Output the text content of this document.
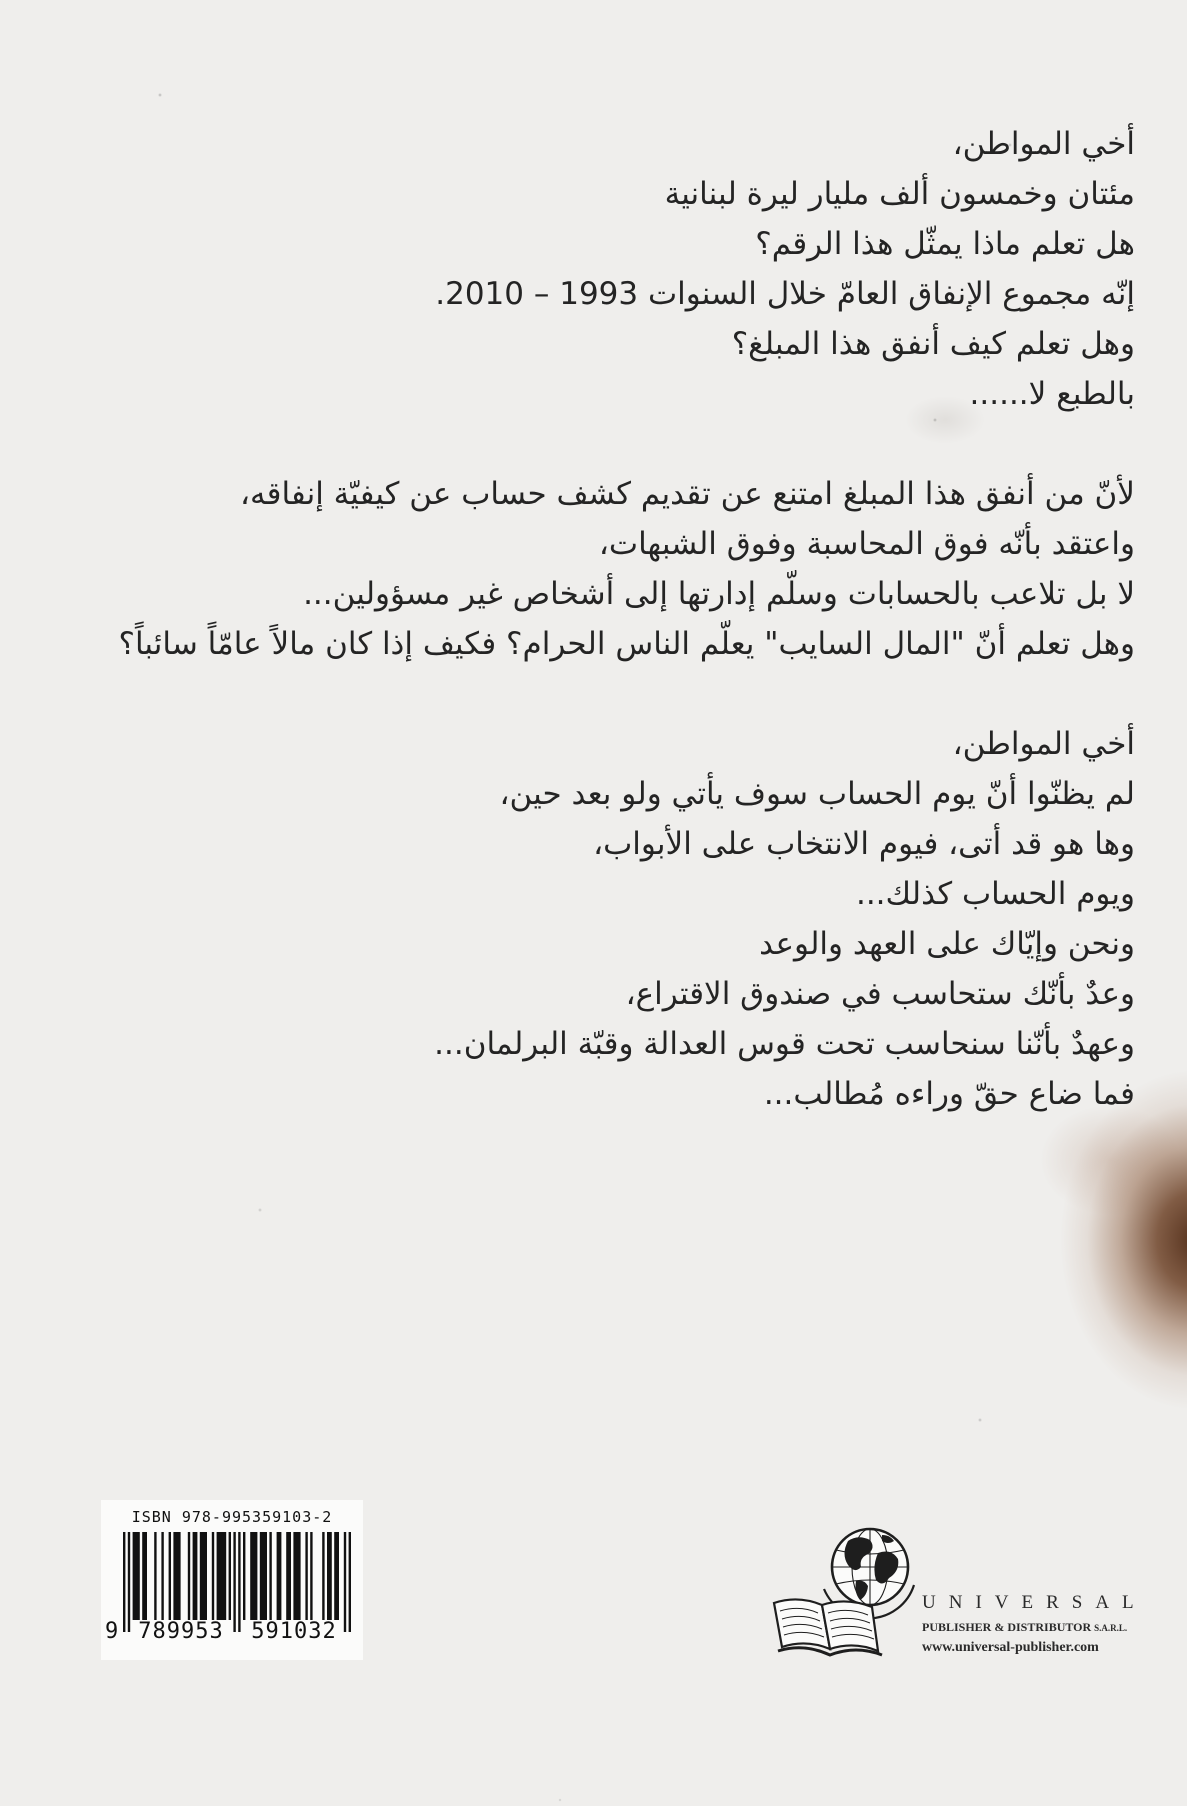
أخي المواطن،
مئتان وخمسون ألف مليار ليرة لبنانية
هل تعلم ماذا يمثّل هذا الرقم؟
إنّه مجموع الإنفاق العامّ خلال السنوات 1993 – 2010.
وهل تعلم كيف أنفق هذا المبلغ؟
بالطبع لا......
لأنّ من أنفق هذا المبلغ امتنع عن تقديم كشف حساب عن كيفيّة إنفاقه،
واعتقد بأنّه فوق المحاسبة وفوق الشبهات،
لا بل تلاعب بالحسابات وسلّم إدارتها إلى أشخاص غير مسؤولين...
وهل تعلم أنّ "المال السايب" يعلّم الناس الحرام؟ فكيف إذا كان مالاً عامّاً سائباً؟
أخي المواطن،
لم يظنّوا أنّ يوم الحساب سوف يأتي ولو بعد حين،
وها هو قد أتى، فيوم الانتخاب على الأبواب،
ويوم الحساب كذلك...
ونحن وإيّاك على العهد والوعد
وعدٌ بأنّك ستحاسب في صندوق الاقتراع،
وعهدٌ بأنّنا سنحاسب تحت قوس العدالة وقبّة البرلمان...
فما ضاع حقّ وراءه مُطالب...
ISBN 978-995359103-2
9 789953	591032
UNIVERSAL
PUBLISHER & DISTRIBUTOR S.A.R.L.
www.universal-publisher.com
